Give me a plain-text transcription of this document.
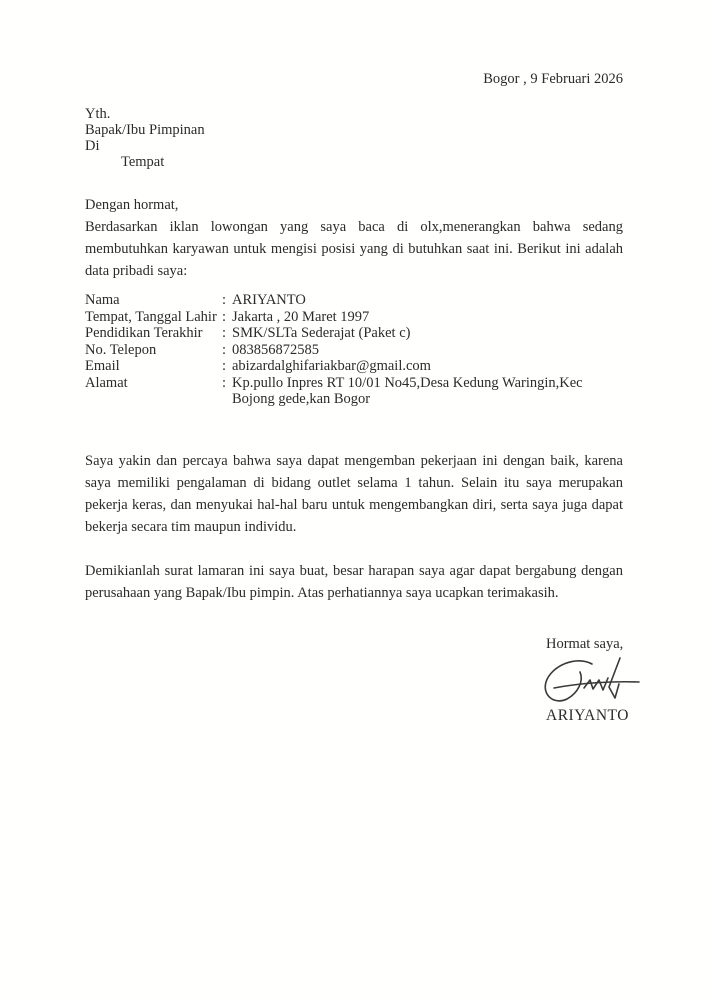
Bogor , 9 Februari 2026
Yth.
Bapak/Ibu Pimpinan
Di
Tempat
Dengan hormat,
Berdasarkan iklan lowongan yang saya baca di olx,menerangkan bahwa sedang membutuhkan karyawan untuk mengisi posisi yang di butuhkan saat ini. Berikut ini adalah data pribadi saya:
Nama	: ARIYANTO
Tempat, Tanggal Lahir : Jakarta , 20 Maret 1997
Pendidikan Terakhir	: SMK/SLTa Sederajat (Paket c)
No. Telepon	: 083856872585
Email	: abizardalghifariakbar@gmail.com
Alamat	: Kp.pullo Inpres RT 10/01 No45,Desa Kedung Waringin,Kec Bojong gede,kan Bogor
Saya yakin dan percaya bahwa saya dapat mengemban pekerjaan ini dengan baik, karena saya memiliki pengalaman di bidang outlet selama 1 tahun. Selain itu saya merupakan pekerja keras, dan menyukai hal-hal baru untuk mengembangkan diri, serta saya juga dapat bekerja secara tim maupun individu.
Demikianlah surat lamaran ini saya buat, besar harapan saya agar dapat bergabung dengan perusahaan yang Bapak/Ibu pimpin. Atas perhatiannya saya ucapkan terimakasih.
Hormat saya,
ARIYANTO
